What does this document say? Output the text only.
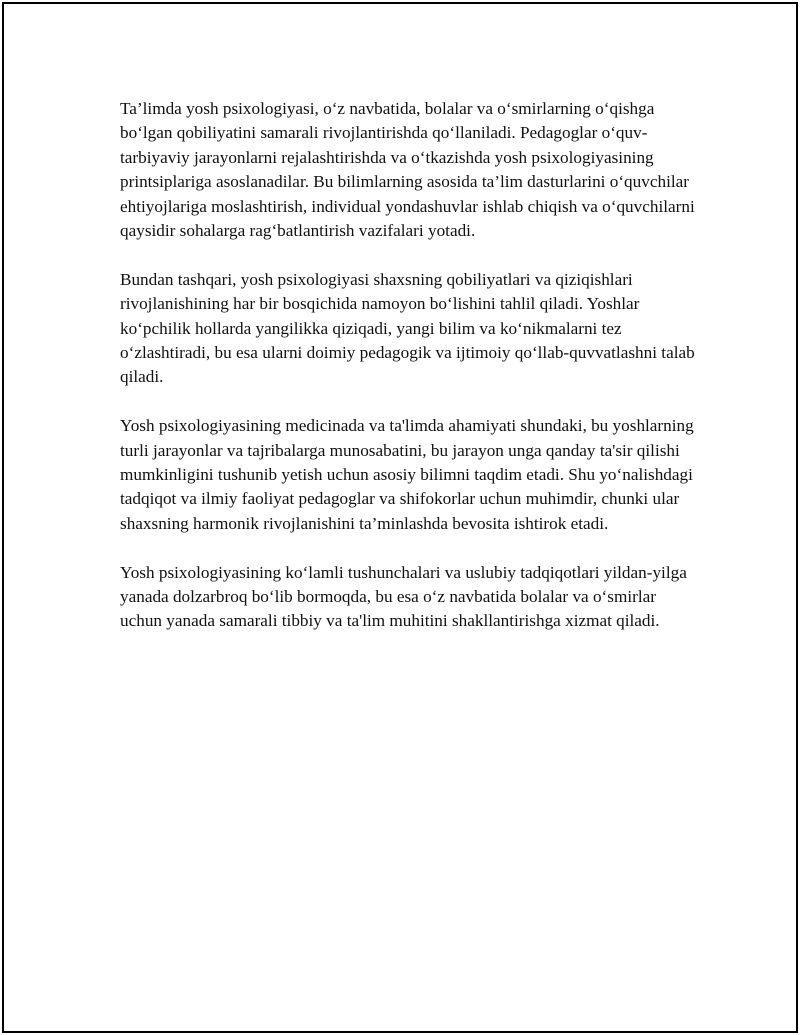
Ta’limda yosh psixologiyasi, o‘z navbatida, bolalar va o‘smirlarning o‘qishga bo‘lgan qobiliyatini samarali rivojlantirishda qo‘llaniladi. Pedagoglar o‘quv-tarbiyaviy jarayonlarni rejalashtirishda va o‘tkazishda yosh psixologiyasining printsiplariga asoslanadilar. Bu bilimlarning asosida ta’lim dasturlarini o‘quvchilar ehtiyojlariga moslashtirish, individual yondashuvlar ishlab chiqish va o‘quvchilarni qaysidir sohalarga rag‘batlantirish vazifalari yotadi.

Bundan tashqari, yosh psixologiyasi shaxsning qobiliyatlari va qiziqishlari rivojlanishining har bir bosqichida namoyon bo‘lishini tahlil qiladi. Yoshlar ko‘pchilik hollarda yangilikka qiziqadi, yangi bilim va ko‘nikmalarni tez o‘zlashtiradi, bu esa ularni doimiy pedagogik va ijtimoiy qo‘llab-quvvatlashni talab qiladi.

Yosh psixologiyasining medicinada va ta'limda ahamiyati shundaki, bu yoshlarning turli jarayonlar va tajribalarga munosabatini, bu jarayon unga qanday ta'sir qilishi mumkinligini tushunib yetish uchun asosiy bilimni taqdim etadi. Shu yo‘nalishdagi tadqiqot va ilmiy faoliyat pedagoglar va shifokorlar uchun muhimdir, chunki ular shaxsning harmonik rivojlanishini ta’minlashda bevosita ishtirok etadi.

Yosh psixologiyasining ko‘lamli tushunchalari va uslubiy tadqiqotlari yildan-yilga yanada dolzarbroq bo‘lib bormoqda, bu esa o‘z navbatida bolalar va o‘smirlar uchun yanada samarali tibbiy va ta'lim muhitini shakllantirishga xizmat qiladi.
